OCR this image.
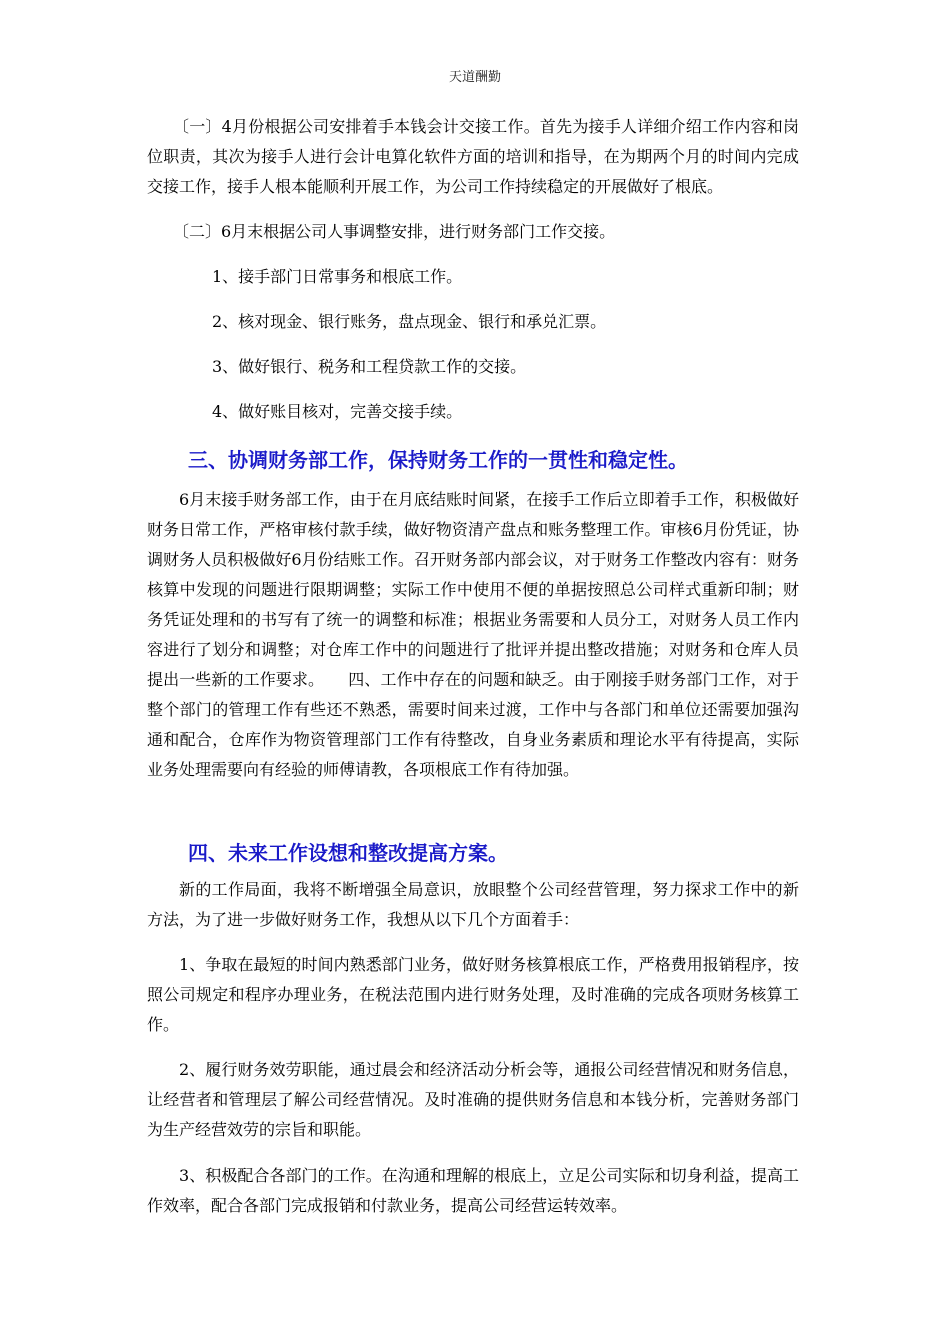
天道酬勤

〔一〕4月份根据公司安排着手本钱会计交接工作。首先为接手人详细介绍工作内容和岗位职责，其次为接手人进行会计电算化软件方面的培训和指导，在为期两个月的时间内完成交接工作，接手人根本能顺利开展工作，为公司工作持续稳定的开展做好了根底。

〔二〕6月末根据公司人事调整安排，进行财务部门工作交接。

1、接手部门日常事务和根底工作。

2、核对现金、银行账务，盘点现金、银行和承兑汇票。

3、做好银行、税务和工程贷款工作的交接。

4、做好账目核对，完善交接手续。

三、协调财务部工作，保持财务工作的一贯性和稳定性。

6月末接手财务部工作，由于在月底结账时间紧，在接手工作后立即着手工作，积极做好财务日常工作，严格审核付款手续，做好物资清产盘点和账务整理工作。审核6月份凭证，协调财务人员积极做好6月份结账工作。召开财务部内部会议，对于财务工作整改内容有：财务核算中发现的问题进行限期调整；实际工作中使用不便的单据按照总公司样式重新印制；财务凭证处理和的书写有了统一的调整和标准；根据业务需要和人员分工，对财务人员工作内容进行了划分和调整；对仓库工作中的问题进行了批评并提出整改措施；对财务和仓库人员提出一些新的工作要求。　　四、工作中存在的问题和缺乏。由于刚接手财务部门工作，对于整个部门的管理工作有些还不熟悉，需要时间来过渡，工作中与各部门和单位还需要加强沟通和配合，仓库作为物资管理部门工作有待整改，自身业务素质和理论水平有待提高，实际业务处理需要向有经验的师傅请教，各项根底工作有待加强。

四、未来工作设想和整改提高方案。

新的工作局面，我将不断增强全局意识，放眼整个公司经营管理，努力探求工作中的新方法，为了进一步做好财务工作，我想从以下几个方面着手：

1、争取在最短的时间内熟悉部门业务，做好财务核算根底工作，严格费用报销程序，按照公司规定和程序办理业务，在税法范围内进行财务处理，及时准确的完成各项财务核算工作。

2、履行财务效劳职能，通过晨会和经济活动分析会等，通报公司经营情况和财务信息，让经营者和管理层了解公司经营情况。及时准确的提供财务信息和本钱分析，完善财务部门为生产经营效劳的宗旨和职能。

3、积极配合各部门的工作。在沟通和理解的根底上，立足公司实际和切身利益，提高工作效率，配合各部门完成报销和付款业务，提高公司经营运转效率。
